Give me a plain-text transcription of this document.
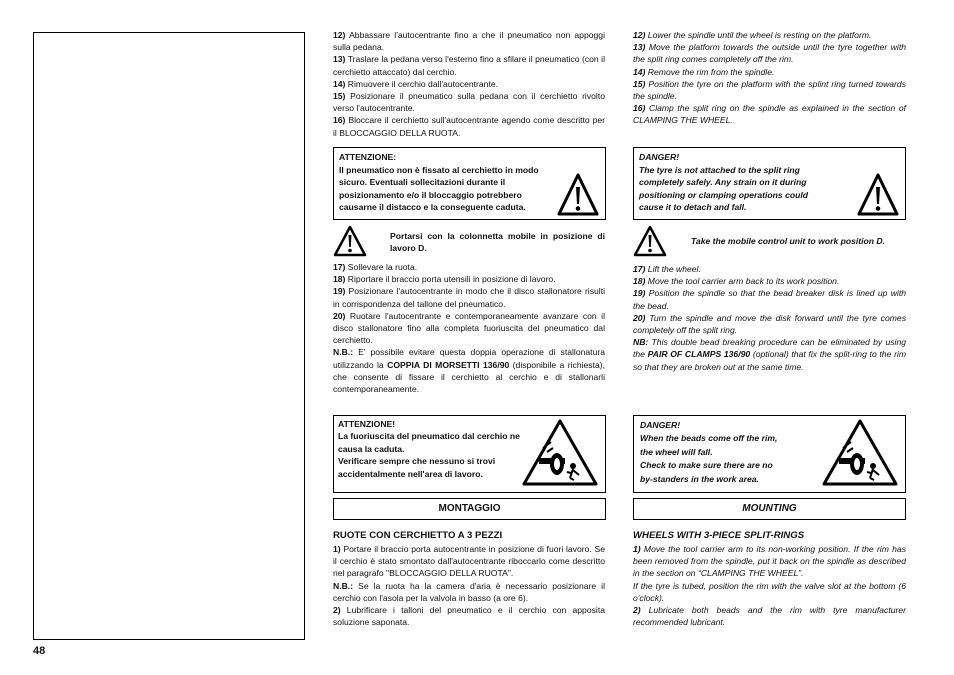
48

12) Abbassare l'autocentrante fino a che il pneumatico non appoggi sulla pedana.

13) Traslare la pedana verso l'esterno fino a sfilare il pneumatico (con il cerchietto attaccato) dal cerchio.

14) Rimuovere il cerchio dall'autocentrante.

15) Posizionare il pneumatico sulla pedana con il cerchietto rivolto verso l'autocentrante.

16) Bloccare il cerchietto sull'autocentrante agendo come descritto per il BLOCCAGGIO DELLA RUOTA.

12) Lower the spindle until the wheel is resting on the platform.

13) Move the platform towards the outside until the tyre together with the split ring comes completely off the rim.

14) Remove the rim from the spindle.

15) Position the tyre on the platform with the splint ring turned towards the spindle.

16) Clamp the split ring on the spindle as explained in the section of CLAMPING THE WHEEL.

ATTENZIONE:
Il pneumatico non è fissato al cerchietto in modo
sicuro. Eventuali sollecitazioni durante il
posizionamento e/o il bloccaggio potrebbero
causarne il distacco e la conseguente caduta.
DANGER!
The tyre is not attached to the split ring
completely safely. Any strain on it during
positioning or clamping operations could
cause it to detach and fall.
Portarsi con la colonnetta mobile in posizione di lavoro D.
Take the mobile control unit to work position D.

17) Sollevare la ruota.

18) Riportare il braccio porta utensili in posizione di lavoro.

19) Posizionare l'autocentrante in modo che il disco stallonatore risulti in corrispondenza del tallone del pneumatico.

20) Ruotare l'autocentrante e contemporaneamente avanzare con il disco stallonatore fino alla completa fuoriuscita del pneumatico dal cerchietto.

N.B.: E' possibile evitare questa doppia operazione di stallonatura utilizzando la COPPIA DI MORSETTI 136/90 (disponibile a richiesta), che consente di fissare il cerchietto al cerchio e di stallonarli contemporaneamente.

17) Lift the wheel.

18) Move the tool carrier arm back to its work position.

19) Position the spindle so that the bead breaker disk is lined up with the bead.

20) Turn the spindle and move the disk forward until the tyre comes completely off the split ring.

NB: This double bead breaking procedure can be eliminated by using the PAIR OF CLAMPS 136/90 (optional) that fix the split-ring to the rim so that they are broken out at the same time.

ATTENZIONE!
La fuoriuscita del pneumatico dal cerchio ne
causa la caduta.
Verificare sempre che nessuno si trovi
accidentalmente nell'area di lavoro.
DANGER!
When the beads come off the rim,
the wheel will fall.
Check to make sure there are no
by-standers in the work area.
MONTAGGIO	MOUNTING
RUOTE CON CERCHIETTO A 3 PEZZI	WHEELS WITH 3-PIECE SPLIT-RINGS

1) Portare il braccio porta autocentrante in posizione di fuori lavoro. Se il cerchio è stato smontato dall'autocentrante riboccarlo come descritto nel paragrafo "BLOCCAGGIO DELLA RUOTA".

N.B.: Se la ruota ha la camera d'aria è necessario posizionare il cerchio con l'asola per la valvola in basso (a ore 6).

2) Lubrificare i talloni del pneumatico e il cerchio con apposita soluzione saponata.

1) Move the tool carrier arm to its non-working position. If the rim has been removed from the spindle, put it back on the spindle as described in the section on “CLAMPING THE WHEEL”.

If the tyre is tubed, position the rim with the valve slot at the bottom (6 o'clock).

2) Lubricate both beads and the rim with tyre manufacturer recommended lubricant.
